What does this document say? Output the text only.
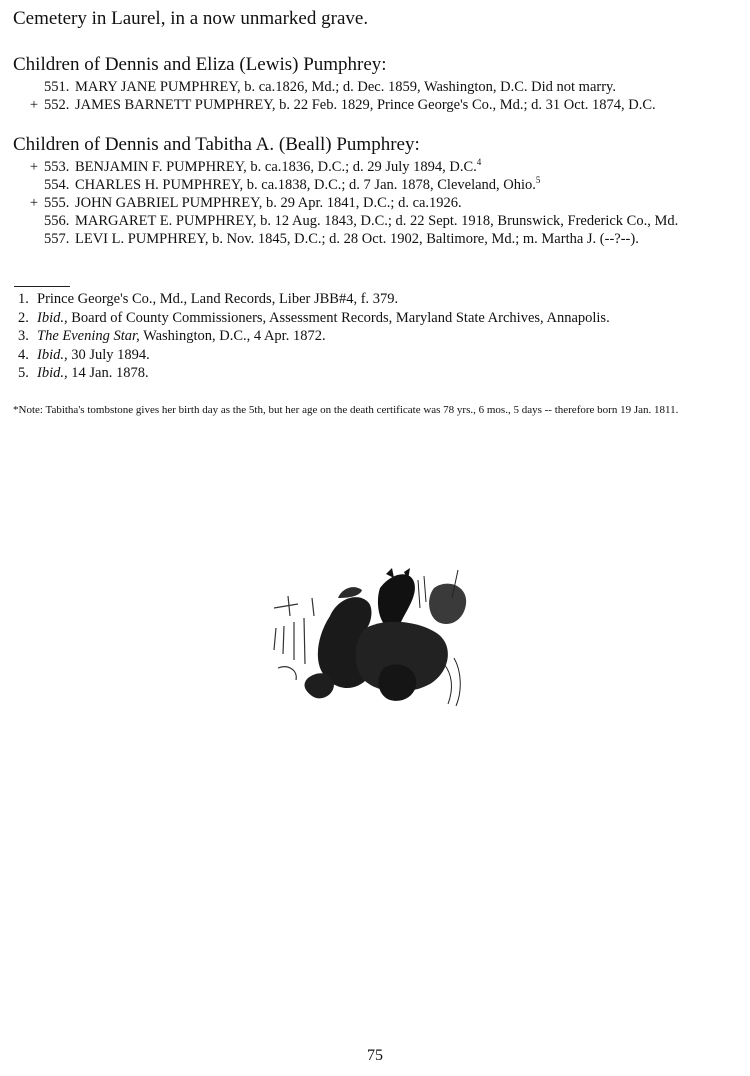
Cemetery in Laurel, in a now unmarked grave.

Children of Dennis and Eliza (Lewis) Pumphrey:
551. MARY JANE PUMPHREY, b. ca.1826, Md.; d. Dec. 1859, Washington, D.C. Did not marry.
+ 552. JAMES BARNETT PUMPHREY, b. 22 Feb. 1829, Prince George's Co., Md.; d. 31 Oct. 1874, D.C.
Children of Dennis and Tabitha A. (Beall) Pumphrey:
+ 553. BENJAMIN F. PUMPHREY, b. ca.1836, D.C.; d. 29 July 1894, D.C.$^4$
554. CHARLES H. PUMPHREY, b. ca.1838, D.C.; d. 7 Jan. 1878, Cleveland, Ohio.$^5$
+ 555. JOHN GABRIEL PUMPHREY, b. 29 Apr. 1841, D.C.; d. ca.1926.
556. MARGARET E. PUMPHREY, b. 12 Aug. 1843, D.C.; d. 22 Sept. 1918, Brunswick, Frederick Co., Md.
557. LEVI L. PUMPHREY, b. Nov. 1845, D.C.; d. 28 Oct. 1902, Baltimore, Md.; m. Martha J. (--?--).
1. Prince George's Co., Md., Land Records, Liber JBB#4, f. 379.
2. Ibid., Board of County Commissioners, Assessment Records, Maryland State Archives, Annapolis.
3. The Evening Star, Washington, D.C., 4 Apr. 1872.
4. Ibid., 30 July 1894.
5. Ibid., 14 Jan. 1878.

*Note: Tabitha's tombstone gives her birth day as the 5th, but her age on the death certificate was 78 yrs., 6 mos., 5 days -- therefore born 19 Jan. 1811.

75
